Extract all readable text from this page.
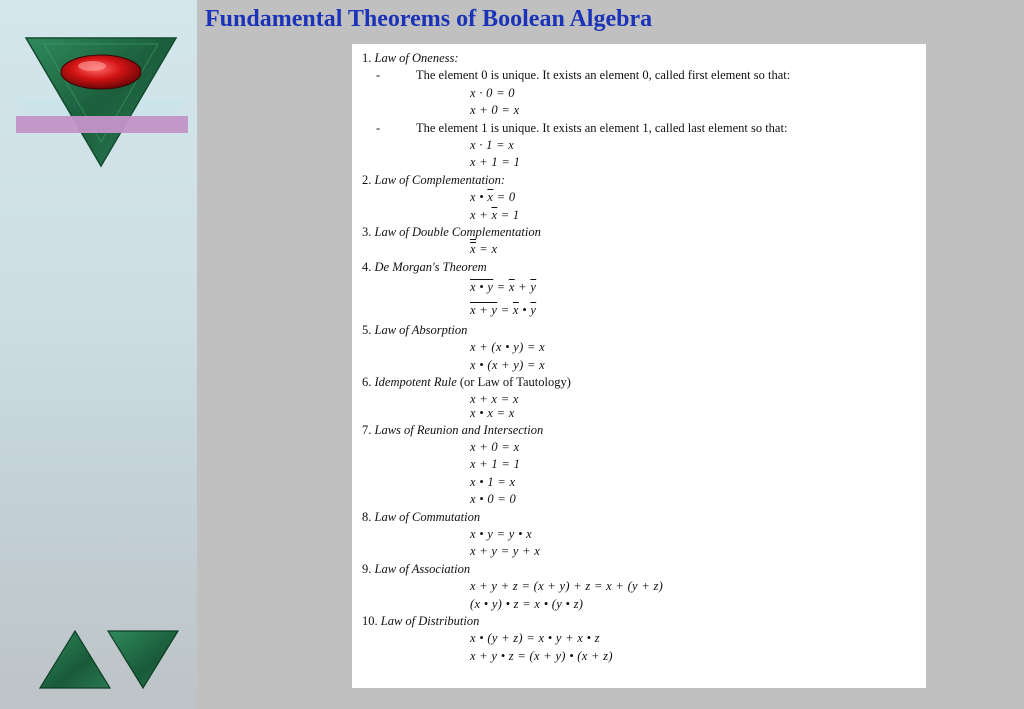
Fundamental Theorems of Boolean Algebra
1. Law of Oneness:
-	The element 0 is unique. It exists an element 0, called first element so that:
x · 0 = 0
x + 0 = x
-	The element 1 is unique. It exists an element 1, called last element so that:
x · 1 = x
x + 1 = 1
2. Law of Complementation:
x • $\overline{x} = 0$
$x + \overline{x} = 1$
3. Law of Double Complementation
x = x
4. De Morgan's Theorem
x • $y = \overline{x} + \overline{y}$
$x + y = \overline{x}$ • $\overline{y}$
5. Law of Absorption
x + (x • y) = x
x • (x + y) = x
6. Idempotent Rule (or Law of Tautology)
x + x = x
x • x = x
7. Laws of Reunion and Intersection
x + 0 = x
x + 1 = 1
x • 1 = x
x • 0 = 0
8. Law of Commutation
x • y = y • x
x + y = y + x
9. Law of Association
x + y + z = (x + y) + z = x + (y + z)
(x • y) • z = x • (y • z)
10. Law of Distribution
x • (y + z) = x • y + x • z
x + y • z = (x + y) • (x + z)
